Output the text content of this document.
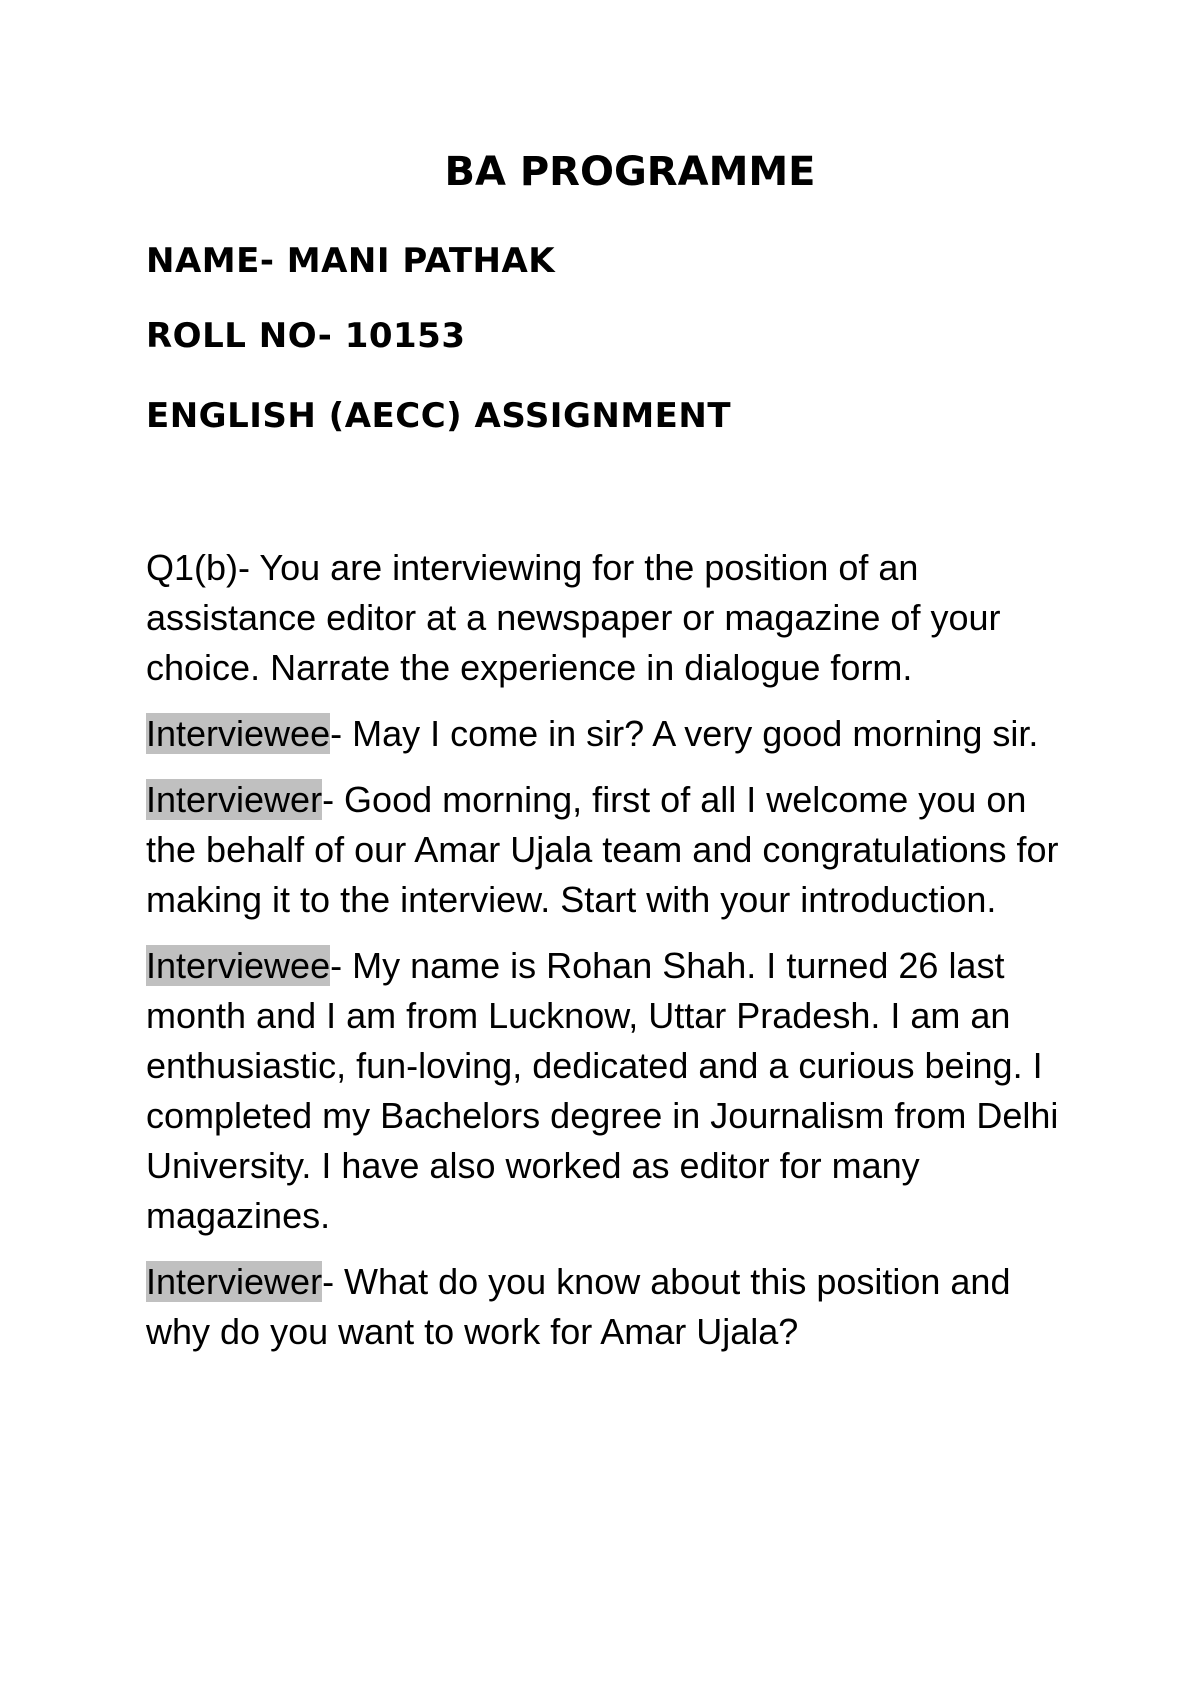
BA PROGRAMME
NAME- MANI PATHAK
ROLL NO- 10153
ENGLISH (AECC) ASSIGNMENT

Q1(b)- You are interviewing for the position of an assistance editor at a newspaper or magazine of your choice. Narrate the experience in dialogue form.

Interviewee- May I come in sir? A very good morning sir.

Interviewer- Good morning, first of all I welcome you on the behalf of our Amar Ujala team and congratulations for making it to the interview. Start with your introduction.

Interviewee- My name is Rohan Shah. I turned 26 last month and I am from Lucknow, Uttar Pradesh. I am an enthusiastic, fun-loving, dedicated and a curious being. I completed my Bachelors degree in Journalism from Delhi University. I have also worked as editor for many magazines.

Interviewer- What do you know about this position and why do you want to work for Amar Ujala?
